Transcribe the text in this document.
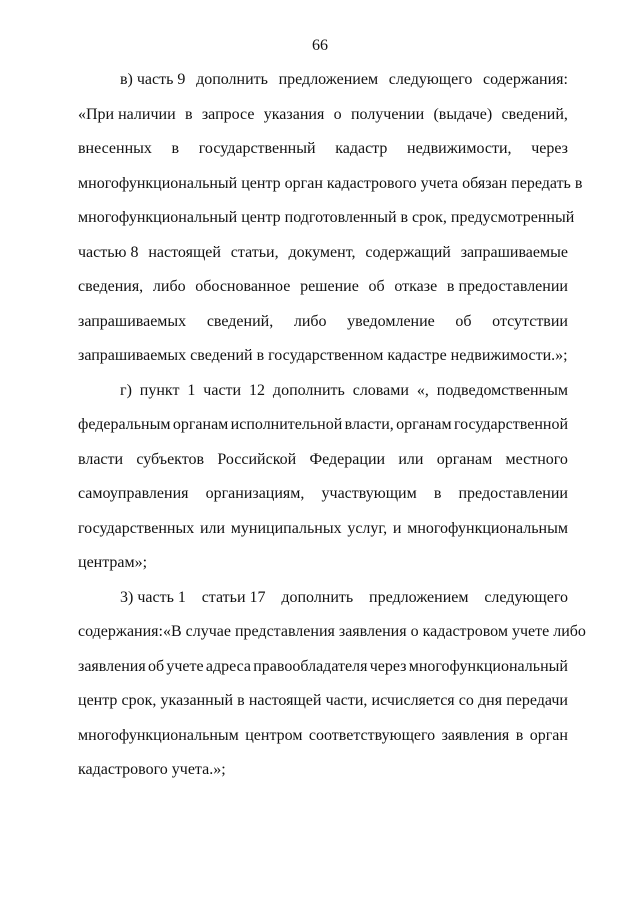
66
в) часть 9 дополнить предложением следующего содержания:
«При наличии в запросе указания о получении (выдаче) сведений,
внесенных в государственный кадастр недвижимости, через
многофункциональный центр орган кадастрового учета обязан передать в
многофункциональный центр подготовленный в срок, предусмотренный
частью 8 настоящей статьи, документ, содержащий запрашиваемые
сведения, либо обоснованное решение об отказе в предоставлении
запрашиваемых сведений, либо уведомление об отсутствии
запрашиваемых сведений в государственном кадастре недвижимости.»;
г) пункт 1 части 12 дополнить словами «, подведомственным
федеральным органам исполнительной власти, органам государственной
власти субъектов Российской Федерации или органам местного
самоуправления организациям, участвующим в предоставлении
государственных или муниципальных услуг, и многофункциональным
центрам»;
3) часть 1 статьи 17 дополнить предложением следующего
содержания: «В случае представления заявления о кадастровом учете либо
заявления об учете адреса правообладателя через многофункциональный
центр срок, указанный в настоящей части, исчисляется со дня передачи
многофункциональным центром соответствующего заявления в орган
кадастрового учета.»;
